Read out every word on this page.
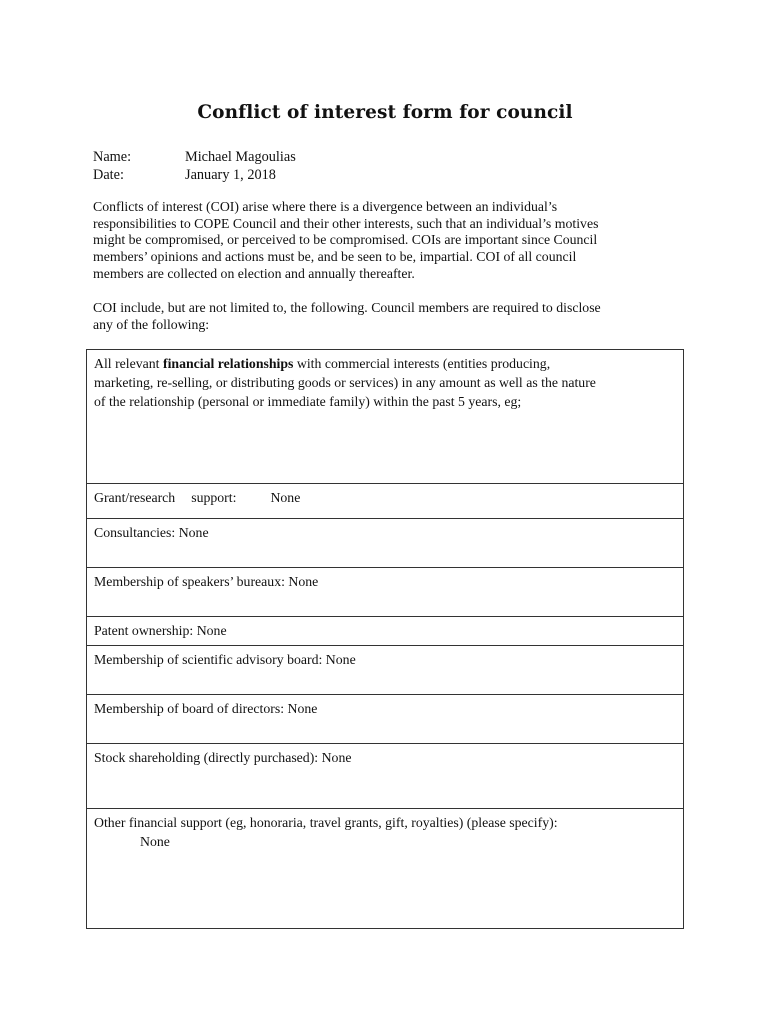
Conflict of interest form for council
Name:	Michael Magoulias
Date:	January 1, 2018
Conflicts of interest (COI) arise where there is a divergence between an individual’s
responsibilities to COPE Council and their other interests, such that an individual’s motives
might be compromised, or perceived to be compromised. COIs are important since Council
members’ opinions and actions must be, and be seen to be, impartial. COI of all council
members are collected on election and annually thereafter.
COI include, but are not limited to, the following. Council members are required to disclose
any of the following:
All relevant financial relationships with commercial interests (entities producing,
marketing, re-selling, or distributing goods or services) in any amount as well as the nature
of the relationship (personal or immediate family) within the past 5 years, eg;

Grant/research support: None
Consultancies: None
Membership of speakers’ bureaux: None
Patent ownership: None
Membership of scientific advisory board: None
Membership of board of directors: None
Stock shareholding (directly purchased): None

Other financial support (eg, honoraria, travel grants, gift, royalties) (please specify):
None
